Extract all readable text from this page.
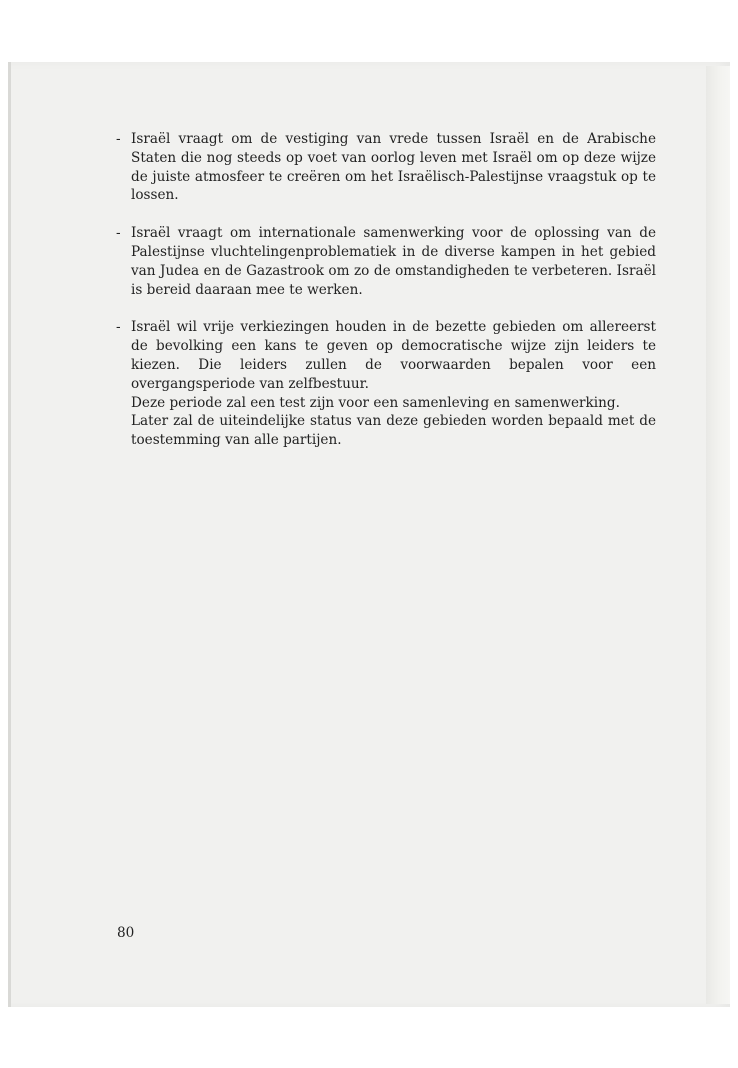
- Israël vraagt om de vestiging van vrede tussen Israël en de Arabische Staten die nog steeds op voet van oorlog leven met Israël om op deze wijze de juiste atmosfeer te creëren om het Israëlisch-Palestijnse vraagstuk op te lossen.

- Israël vraagt om internationale samenwerking voor de oplossing van de Palestijnse vluchtelingenproblematiek in de diverse kampen in het gebied van Judea en de Gazastrook om zo de omstandigheden te verbeteren. Israël is bereid daaraan mee te werken.

- Israël wil vrije verkiezingen houden in de bezette gebieden om allereerst de bevolking een kans te geven op democratische wijze zijn leiders te kiezen. Die leiders zullen de voorwaarden bepalen voor een overgangsperiode van zelfbestuur.

Deze periode zal een test zijn voor een samenleving en samenwerking.

Later zal de uiteindelijke status van deze gebieden worden bepaald met de toestemming van alle partijen.

80
